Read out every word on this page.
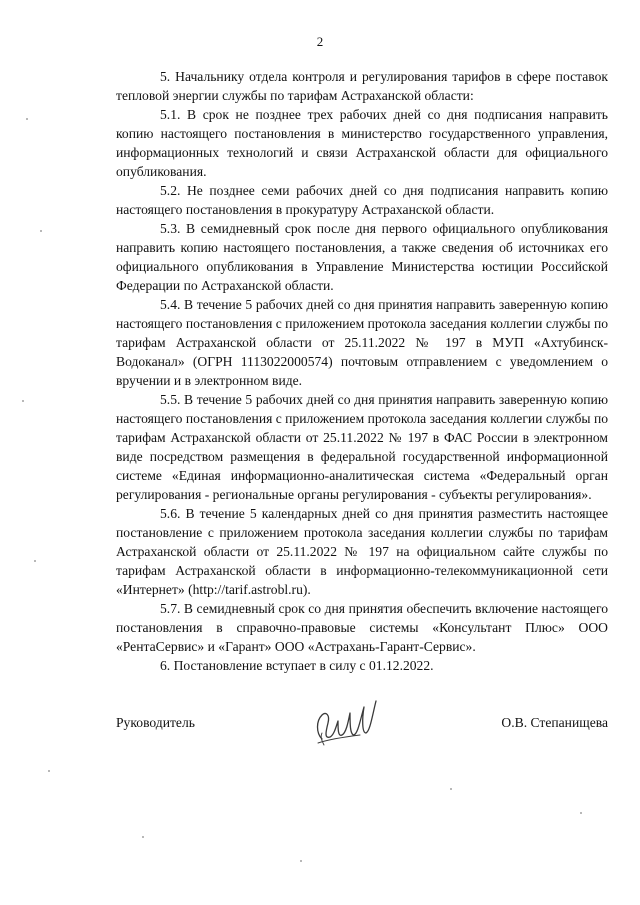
2

5. Начальнику отдела контроля и регулирования тарифов в сфере поставок тепловой энергии службы по тарифам Астраханской области:

5.1. В срок не позднее трех рабочих дней со дня подписания направить копию настоящего постановления в министерство государственного управления, информационных технологий и связи Астраханской области для официального опубликования.

5.2. Не позднее семи рабочих дней со дня подписания направить копию настоящего постановления в прокуратуру Астраханской области.

5.3. В семидневный срок после дня первого официального опубликования направить копию настоящего постановления, а также сведения об источниках его официального опубликования в Управление Министерства юстиции Российской Федерации по Астраханской области.

5.4. В течение 5 рабочих дней со дня принятия направить заверенную копию настоящего постановления с приложением протокола заседания коллегии службы по тарифам Астраханской области от 25.11.2022 № 197 в МУП «Ахтубинск-Водоканал» (ОГРН 1113022000574) почтовым отправлением с уведомлением о вручении и в электронном виде.

5.5. В течение 5 рабочих дней со дня принятия направить заверенную копию настоящего постановления с приложением протокола заседания коллегии службы по тарифам Астраханской области от 25.11.2022 № 197 в ФАС России в электронном виде посредством размещения в федеральной государственной информационной системе «Единая информационно-аналитическая система «Федеральный орган регулирования - региональные органы регулирования - субъекты регулирования».

5.6. В течение 5 календарных дней со дня принятия разместить настоящее постановление с приложением протокола заседания коллегии службы по тарифам Астраханской области от 25.11.2022 № 197 на официальном сайте службы по тарифам Астраханской области в информационно-телекоммуникационной сети «Интернет» (http://tarif.astrobl.ru).

5.7. В семидневный срок со дня принятия обеспечить включение настоящего постановления в справочно-правовые системы «Консультант Плюс» ООО «РентаСервис» и «Гарант» ООО «Астрахань-Гарант-Сервис».

6. Постановление вступает в силу с 01.12.2022.

Руководитель	О.В. Степанищева
